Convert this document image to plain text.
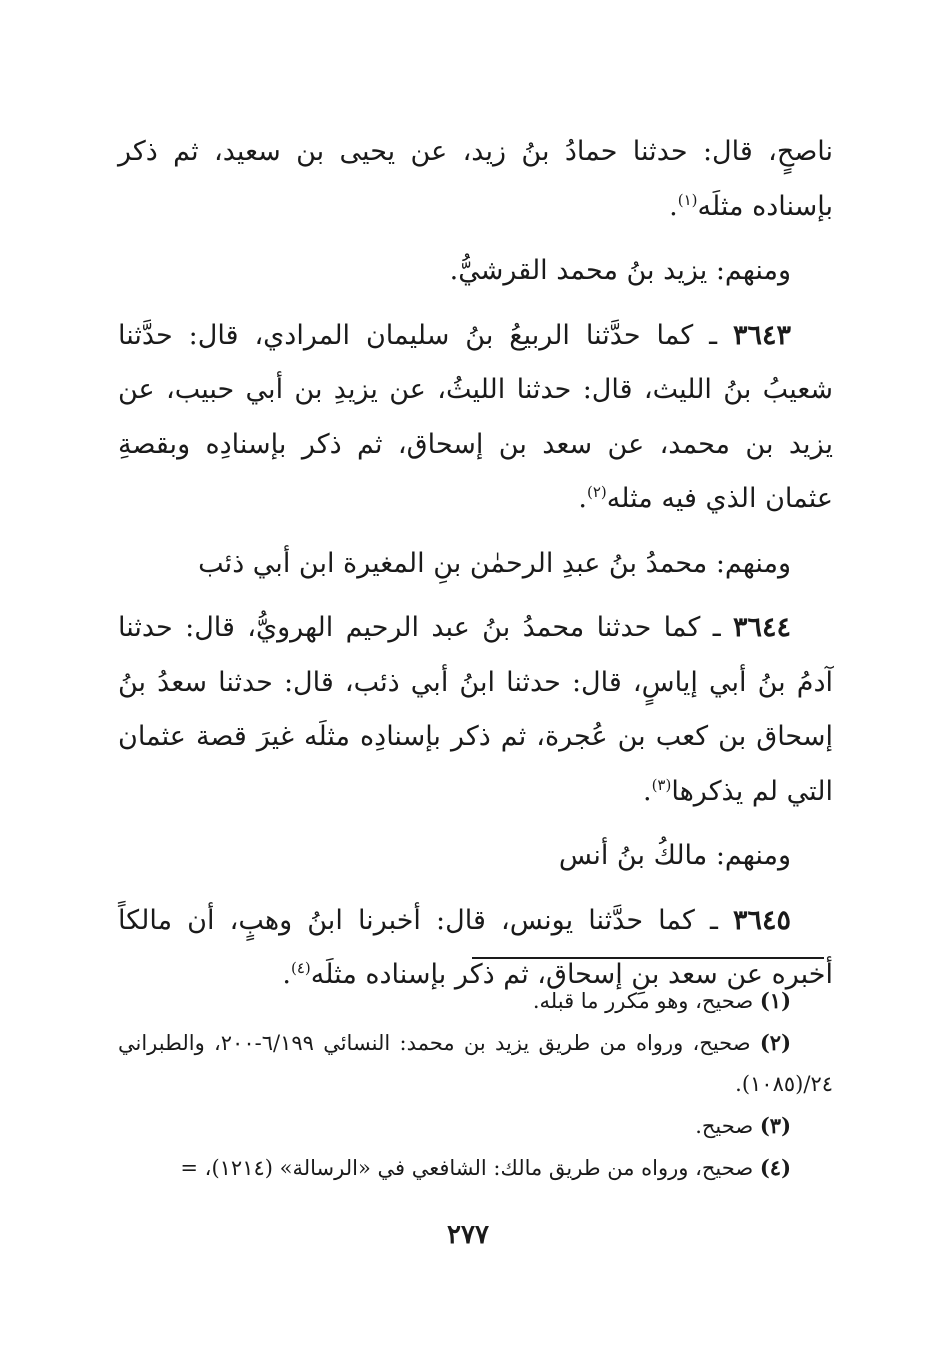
ناصحٍ، قال: حدثنا حمادُ بنُ زيد، عن يحيى بن سعيد، ثم ذكر بإسناده مثلَه$^{(١)}$.

ومنهم: يزيد بنُ محمد القرشيُّ.

٣٦٤٣ ـ كما حدَّثنا الربيعُ بنُ سليمان المرادي، قال: حدَّثنا شعيبُ بنُ الليث، قال: حدثنا الليثُ، عن يزيدِ بن أبي حبيب، عن يزيد بن محمد، عن سعد بن إسحاق، ثم ذكر بإسنادِه وبقصةِ عثمان الذي فيه مثله$^{(٢)}$.

ومنهم: محمدُ بنُ عبدِ الرحمٰن بنِ المغيرة ابن أبي ذئب

٣٦٤٤ ـ كما حدثنا محمدُ بنُ عبد الرحيم الهرويُّ، قال: حدثنا آدمُ بنُ أبي إياسٍ، قال: حدثنا ابنُ أبي ذئب، قال: حدثنا سعدُ بنُ إسحاق بن كعب بن عُجرة، ثم ذكر بإسنادِه مثلَه غيرَ قصة عثمان التي لم يذكرها$^{(٣)}$.

ومنهم: مالكُ بنُ أنس

٣٦٤٥ ـ كما حدَّثنا يونس، قال: أخبرنا ابنُ وهبٍ، أن مالكاً أخبره عن سعد بنِ إسحاق، ثم ذكر بإسناده مثلَه$^{(٤)}$.

(١) صحيح، وهو مكرر ما قبله.

(٢) صحيح، ورواه من طريق يزيد بن محمد: النسائي ٦/١٩٩-٢٠٠، والطبراني ٢٤/(١٠٨٥).

(٣) صحيح.

(٤) صحيح، ورواه من طريق مالك: الشافعي في «الرسالة» (١٢١٤)، =

٢٧٧
